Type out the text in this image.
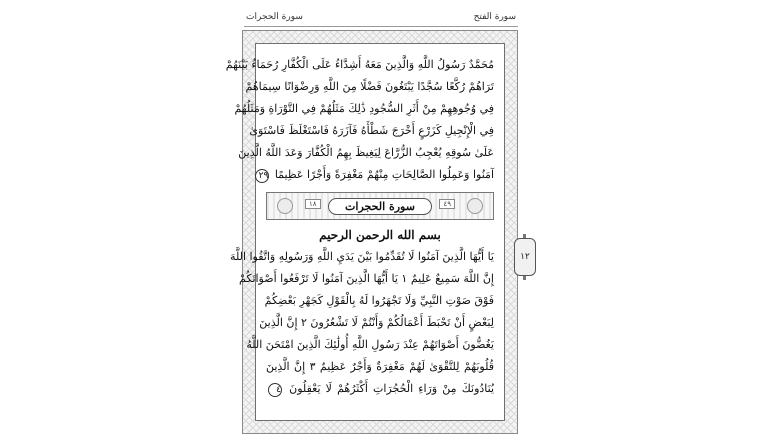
سورة الحجرات	سورة الفتح
مُحَمَّدٌ رَسُولُ اللَّهِ وَالَّذِينَ مَعَهُ أَشِدَّاءُ عَلَى الْكُفَّارِ رُحَمَاءُ بَيْنَهُمْ
تَرَاهُمْ رُكَّعًا سُجَّدًا يَبْتَغُونَ فَضْلًا مِنَ اللَّهِ وَرِضْوَانًا سِيمَاهُمْ
فِي وُجُوهِهِمْ مِنْ أَثَرِ السُّجُودِ ذَٰلِكَ مَثَلُهُمْ فِي التَّوْرَاةِ وَمَثَلُهُمْ
فِي الْإِنْجِيلِ كَزَرْعٍ أَخْرَجَ شَطْأَهُ فَآزَرَهُ فَاسْتَغْلَظَ فَاسْتَوَىٰ
عَلَىٰ سُوقِهِ يُعْجِبُ الزُّرَّاعَ لِيَغِيظَ بِهِمُ الْكُفَّارَ وَعَدَ اللَّهُ الَّذِينَ
آمَنُوا وَعَمِلُوا الصَّالِحَاتِ مِنْهُمْ مَغْفِرَةً وَأَجْرًا عَظِيمًا ٢٩
٤٩
سورة الحجرات
١٨
بسم الله الرحمن الرحيم
يَا أَيُّهَا الَّذِينَ آمَنُوا لَا تُقَدِّمُوا بَيْنَ يَدَيِ اللَّهِ وَرَسُولِهِ وَاتَّقُوا اللَّهَ
إِنَّ اللَّهَ سَمِيعٌ عَلِيمٌ ١ يَا أَيُّهَا الَّذِينَ آمَنُوا لَا تَرْفَعُوا أَصْوَاتَكُمْ
فَوْقَ صَوْتِ النَّبِيِّ وَلَا تَجْهَرُوا لَهُ بِالْقَوْلِ كَجَهْرِ بَعْضِكُمْ
لِبَعْضٍ أَنْ تَحْبَطَ أَعْمَالُكُمْ وَأَنْتُمْ لَا تَشْعُرُونَ ٢ إِنَّ الَّذِينَ
يَغُضُّونَ أَصْوَاتَهُمْ عِنْدَ رَسُولِ اللَّهِ أُولَٰئِكَ الَّذِينَ امْتَحَنَ اللَّهُ
قُلُوبَهُمْ لِلتَّقْوَىٰ لَهُمْ مَغْفِرَةٌ وَأَجْرٌ عَظِيمٌ ٣ إِنَّ الَّذِينَ
يُنَادُونَكَ مِنْ وَرَاءِ الْحُجُرَاتِ أَكْثَرُهُمْ لَا يَعْقِلُونَ ٤
١٢
